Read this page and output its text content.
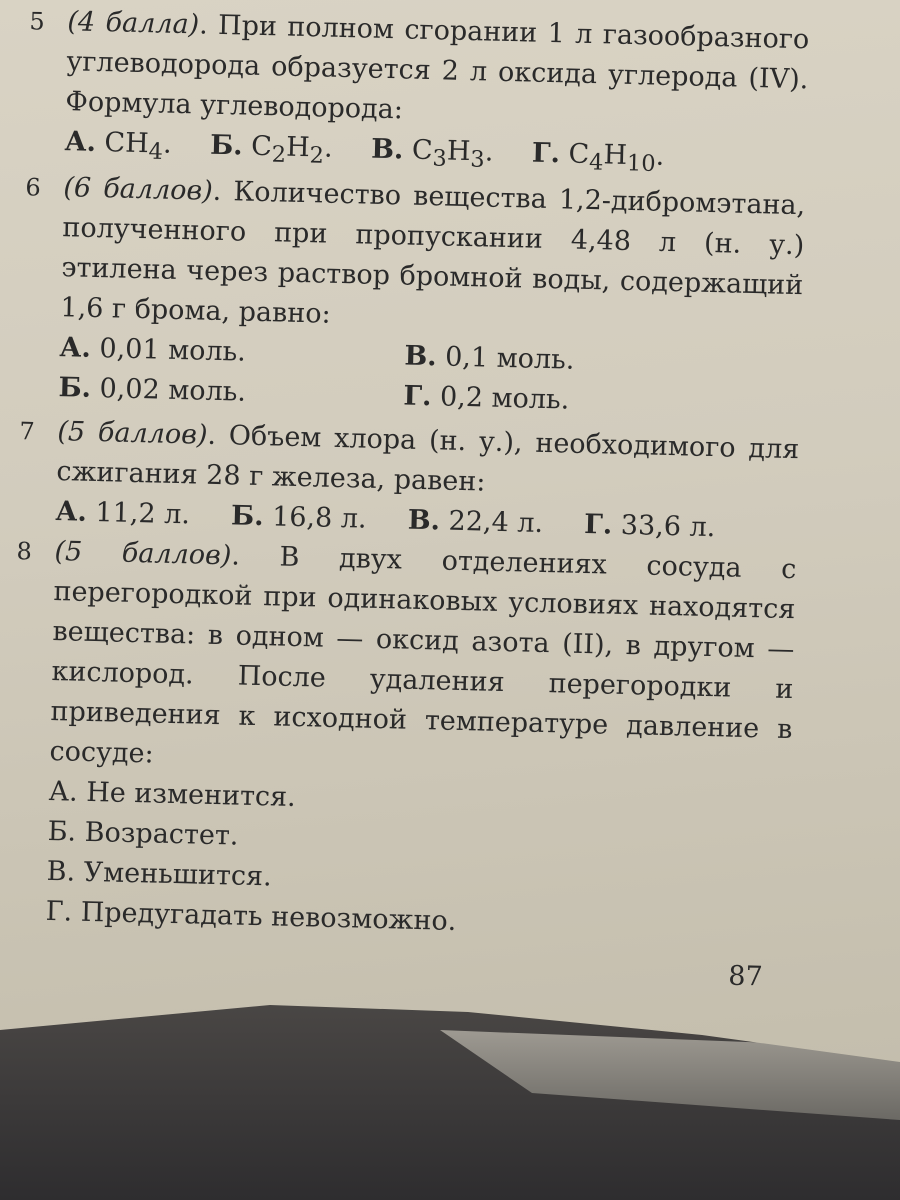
5 (4 балла). При полном сгорании 1 л газообразного углеводорода образуется 2 л оксида углерода (IV). Формула углеводорода:
А. $CH_4$. Б. $C_2H_2$. В. $C_3H_3$. Г. $C_4H_{10}$.
6 (6 баллов). Количество вещества 1,2-дибромэтана, полученного при пропускании 4,48 л (н. у.) этилена через раствор бромной воды, содержащий 1,6 г брома, равно:
А. 0,01 моль.	В. 0,1 моль.
Б. 0,02 моль.	Г. 0,2 моль.
7 (5 баллов). Объем хлора (н. у.), необходимого для сжигания 28 г железа, равен:
А. 11,2 л. Б. 16,8 л. В. 22,4 л. Г. 33,6 л.
8 (5 баллов). В двух отделениях сосуда с перегородкой при одинаковых условиях находятся вещества: в одном — оксид азота (II), в другом — кислород. После удаления перегородки и приведения к исходной температуре давление в сосуде:
А. Не изменится.
Б. Возрастет.
В. Уменьшится.
Г. Предугадать невозможно.
87
